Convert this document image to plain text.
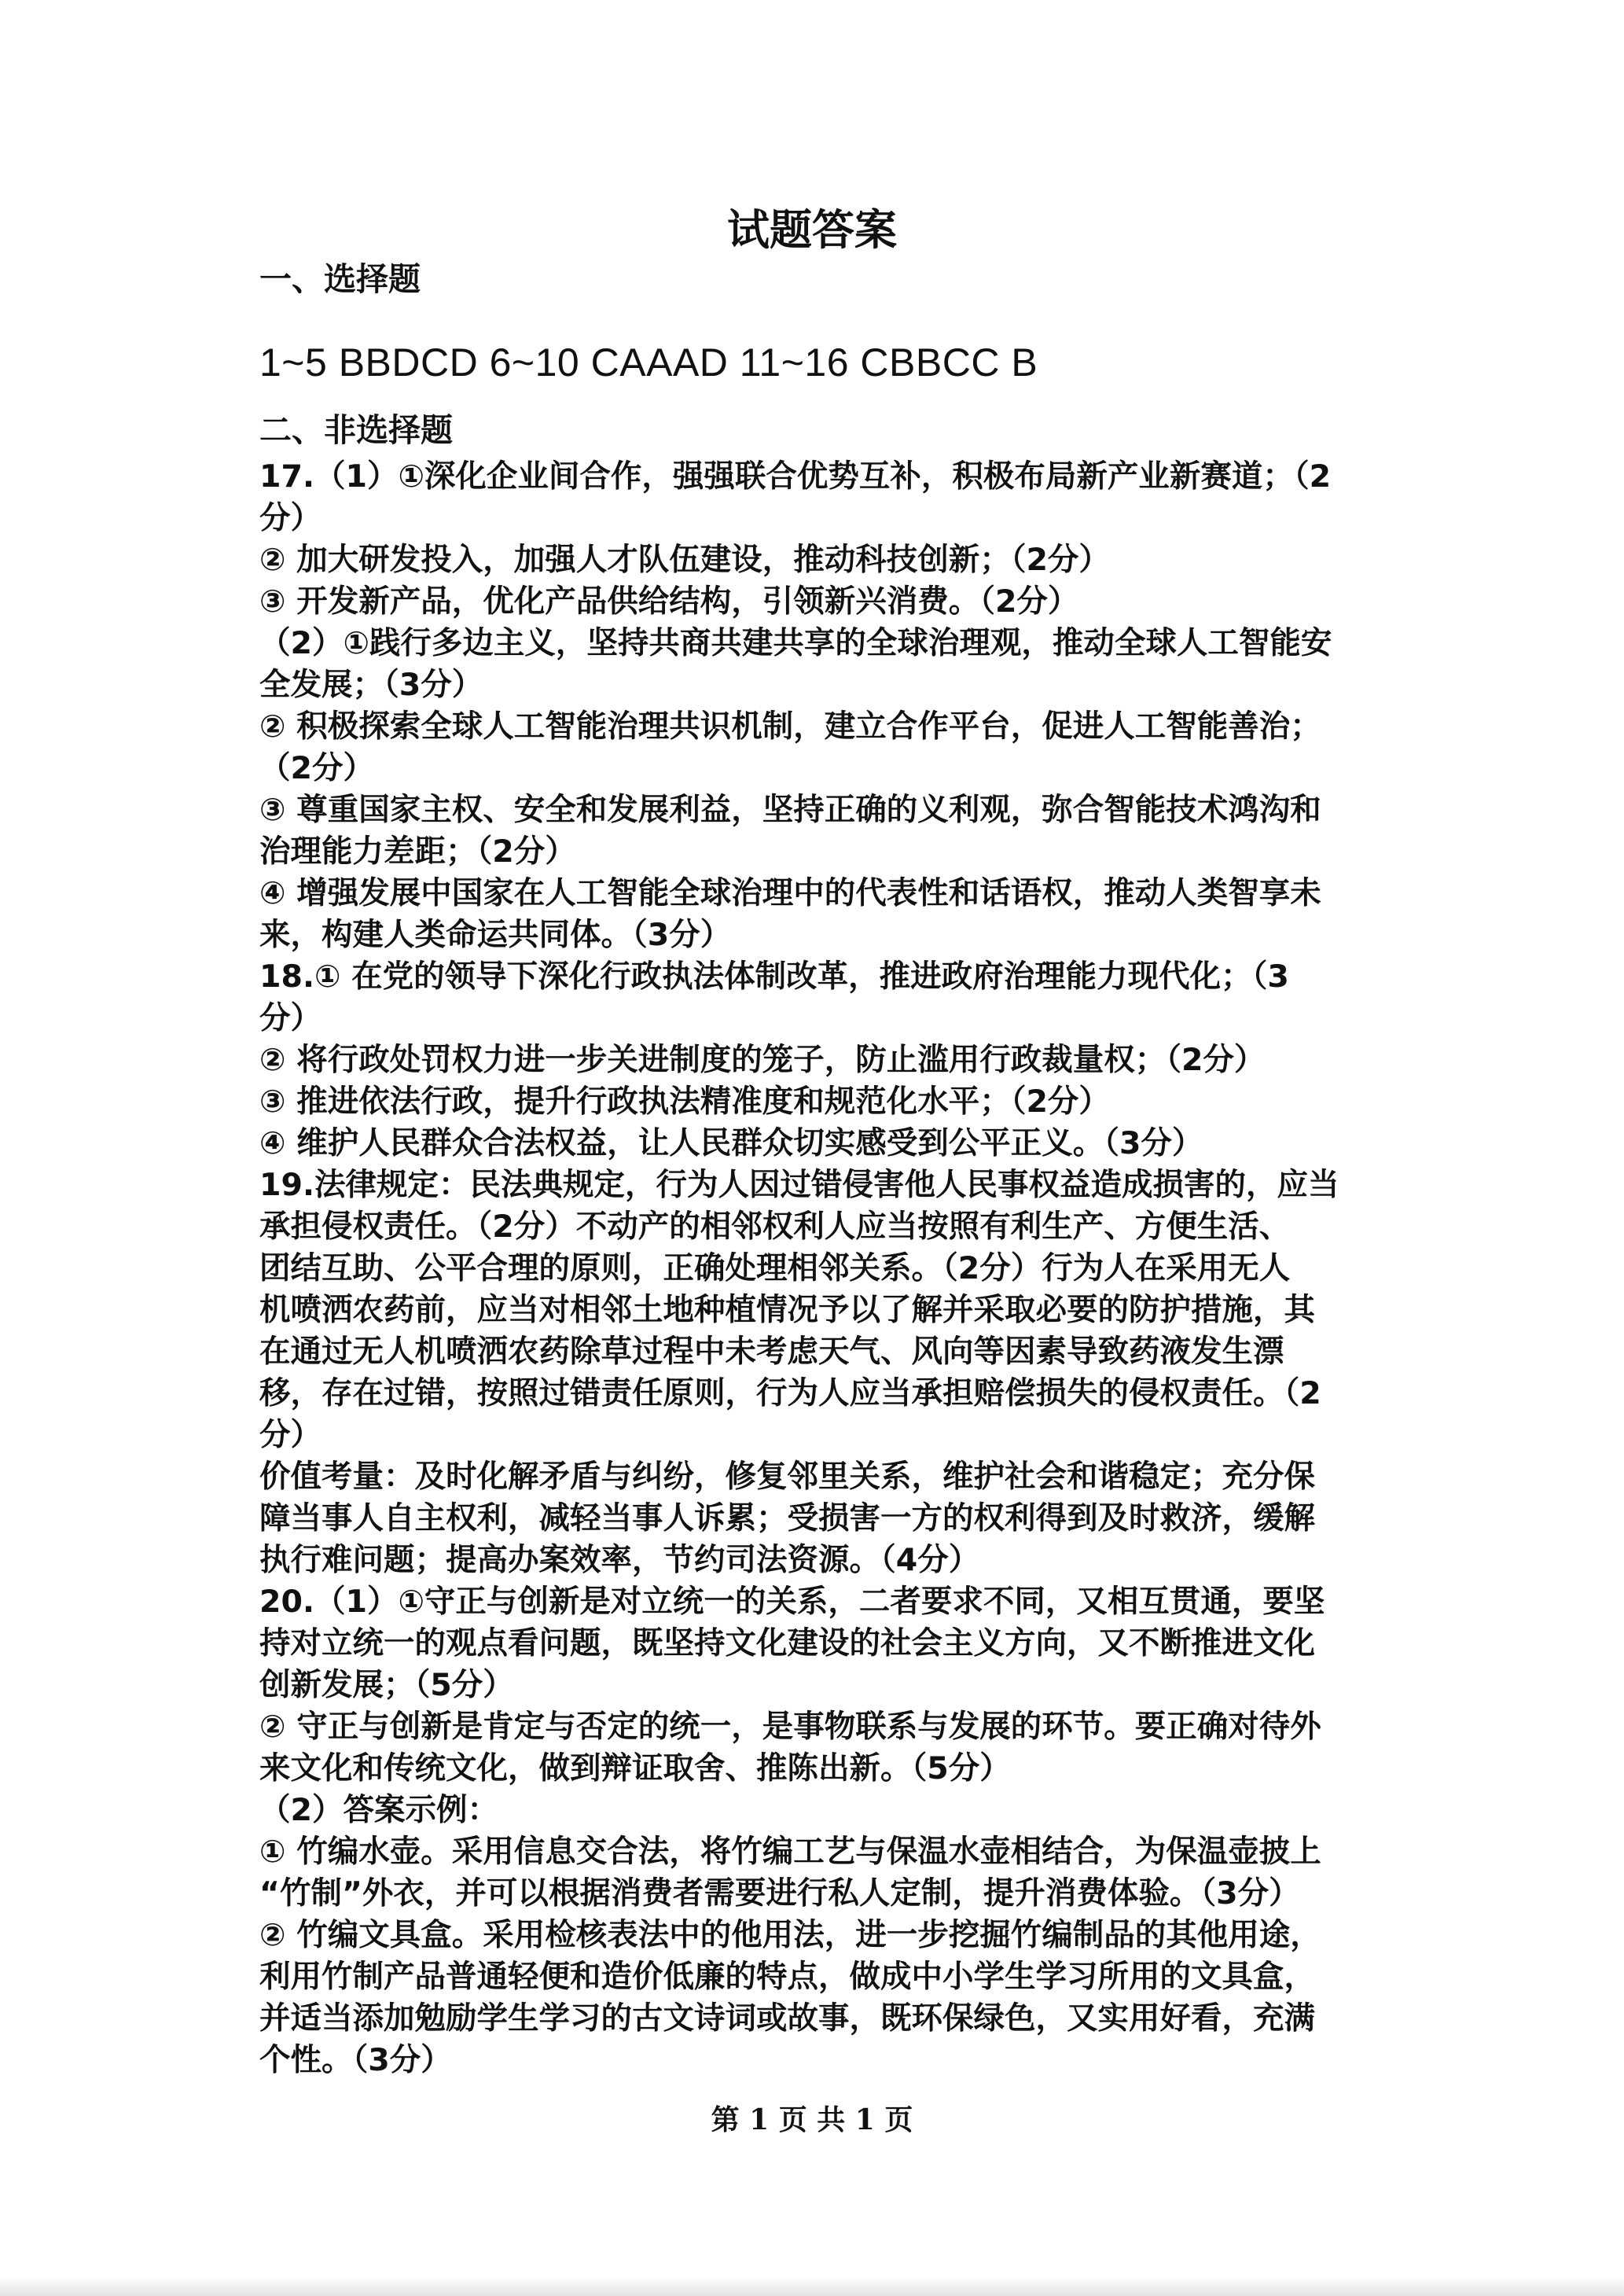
试题答案
一、选择题
1~5 BBDCD 6~10 CAAAD 11~16 CBBCC B
二、非选择题
17.（1）①深化企业间合作，强强联合优势互补，积极布局新产业新赛道；（2
分）
② 加大研发投入，加强人才队伍建设，推动科技创新；（2分）
③ 开发新产品，优化产品供给结构，引领新兴消费。（2分）
（2）①践行多边主义，坚持共商共建共享的全球治理观，推动全球人工智能安
全发展；（3分）
② 积极探索全球人工智能治理共识机制，建立合作平台，促进人工智能善治；
（2分）
③ 尊重国家主权、安全和发展利益，坚持正确的义利观，弥合智能技术鸿沟和
治理能力差距；（2分）
④ 增强发展中国家在人工智能全球治理中的代表性和话语权，推动人类智享未
来，构建人类命运共同体。（3分）
18.① 在党的领导下深化行政执法体制改革，推进政府治理能力现代化；（3
分）
② 将行政处罚权力进一步关进制度的笼子，防止滥用行政裁量权；（2分）
③ 推进依法行政，提升行政执法精准度和规范化水平；（2分）
④ 维护人民群众合法权益，让人民群众切实感受到公平正义。（3分）
19.法律规定：民法典规定，行为人因过错侵害他人民事权益造成损害的，应当
承担侵权责任。（2分）不动产的相邻权利人应当按照有利生产、方便生活、
团结互助、公平合理的原则，正确处理相邻关系。（2分）行为人在采用无人
机喷洒农药前，应当对相邻土地种植情况予以了解并采取必要的防护措施，其
在通过无人机喷洒农药除草过程中未考虑天气、风向等因素导致药液发生漂
移，存在过错，按照过错责任原则，行为人应当承担赔偿损失的侵权责任。（2
分）
价值考量：及时化解矛盾与纠纷，修复邻里关系，维护社会和谐稳定；充分保
障当事人自主权利，减轻当事人诉累；受损害一方的权利得到及时救济，缓解
执行难问题；提高办案效率，节约司法资源。（4分）
20.（1）①守正与创新是对立统一的关系，二者要求不同，又相互贯通，要坚
持对立统一的观点看问题，既坚持文化建设的社会主义方向，又不断推进文化
创新发展；（5分）
② 守正与创新是肯定与否定的统一，是事物联系与发展的环节。要正确对待外
来文化和传统文化，做到辩证取舍、推陈出新。（5分）
（2）答案示例：
① 竹编水壶。采用信息交合法，将竹编工艺与保温水壶相结合，为保温壶披上
“竹制”外衣，并可以根据消费者需要进行私人定制，提升消费体验。（3分）
② 竹编文具盒。采用检核表法中的他用法，进一步挖掘竹编制品的其他用途，
利用竹制产品普通轻便和造价低廉的特点，做成中小学生学习所用的文具盒，
并适当添加勉励学生学习的古文诗词或故事，既环保绿色，又实用好看，充满
个性。（3分）
第 1 页 共 1 页
